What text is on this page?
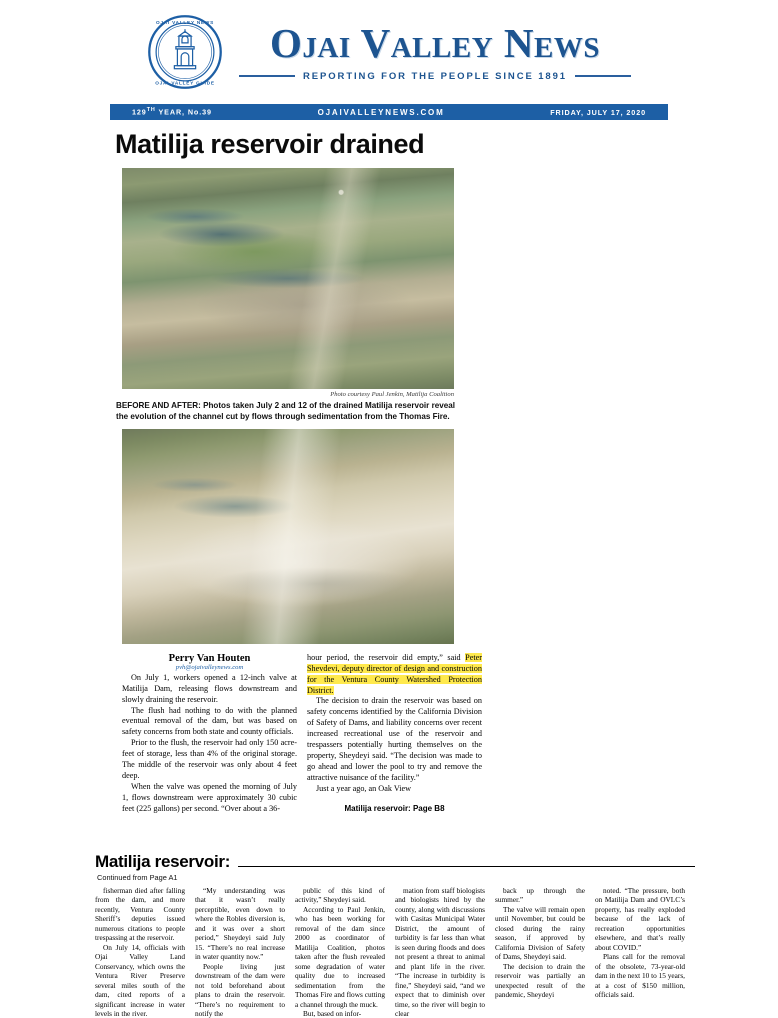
OJAI VALLEY NEWS
OJAI VALLEY GUIDE
Ojai Valley News
REPORTING FOR THE PEOPLE SINCE 1891
129TH YEAR, No.39	OJAIVALLEYNEWS.COM	FRIDAY, JULY 17, 2020
Matilija reservoir drained
Photo courtesy Paul Jenkin, Matilija Coalition
BEFORE AND AFTER: Photos taken July 2 and 12 of the drained Matilija reservoir reveal the evolution of the channel cut by flows through sedimentation from the Thomas Fire.
Perry Van Houten
pvh@ojaivalleynews.com

On July 1, workers opened a 12-inch valve at Matilija Dam, releasing flows downstream and slowly draining the reservoir.

The flush had nothing to do with the planned eventual removal of the dam, but was based on safety concerns from both state and county officials.

Prior to the flush, the reservoir had only 150 acre-feet of storage, less than 4% of the original storage. The middle of the reservoir was only about 4 feet deep.

When the valve was opened the morning of July 1, flows downstream were approximately 30 cubic feet (225 gallons) per second. “Over about a 36-

hour period, the reservoir did empty,” said Peter Shevdevi, deputy director of design and construction for the Ventura County Watershed Protection District.

The decision to drain the reservoir was based on safety concerns identified by the California Division of Safety of Dams, and liability concerns over recent increased recreational use of the reservoir and trespassers potentially hurting themselves on the property, Sheydeyi said. “The decision was made to go ahead and lower the pool to try and remove the attractive nuisance of the facility.”

Just a year ago, an Oak View

Matilija reservoir: Page B8
Matilija reservoir:
Continued from Page A1

fisherman died after falling from the dam, and more recently, Ventura County Sheriff’s deputies issued numerous citations to people trespassing at the reservoir.

On July 14, officials with Ojai Valley Land Conservancy, which owns the Ventura River Preserve several miles south of the dam, cited reports of a significant increase in water levels in the river.

“My understanding was that it wasn’t really perceptible, even down to where the Robles diversion is, and it was over a short period,” Sheydeyi said July 15. “There’s no real increase in water quantity now.”

People living just downstream of the dam were not told beforehand about plans to drain the reservoir. “There’s no requirement to notify the

public of this kind of activity,” Sheydeyi said.

According to Paul Jenkin, who has been working for removal of the dam since 2000 as coordinator of Matilija Coalition, photos taken after the flush revealed some degradation of water quality due to increased sedimentation from the Thomas Fire and flows cutting a channel through the muck.

But, based on infor-

mation from staff biologists and biologists hired by the county, along with discussions with Casitas Municipal Water District, the amount of turbidity is far less than what is seen during floods and does not present a threat to animal and plant life in the river. “The increase in turbidity is fine,” Sheydeyi said, “and we expect that to diminish over time, so the river will begin to clear

back up through the summer.”

The valve will remain open until November, but could be closed during the rainy season, if approved by California Division of Safety of Dams, Sheydeyi said.

The decision to drain the reservoir was partially an unexpected result of the pandemic, Sheydeyi

noted. “The pressure, both on Matilija Dam and OVLC’s property, has really exploded because of the lack of recreation opportunities elsewhere, and that’s really about COVID.”

Plans call for the removal of the obsolete, 73-year-old dam in the next 10 to 15 years, at a cost of $150 million, officials said.
